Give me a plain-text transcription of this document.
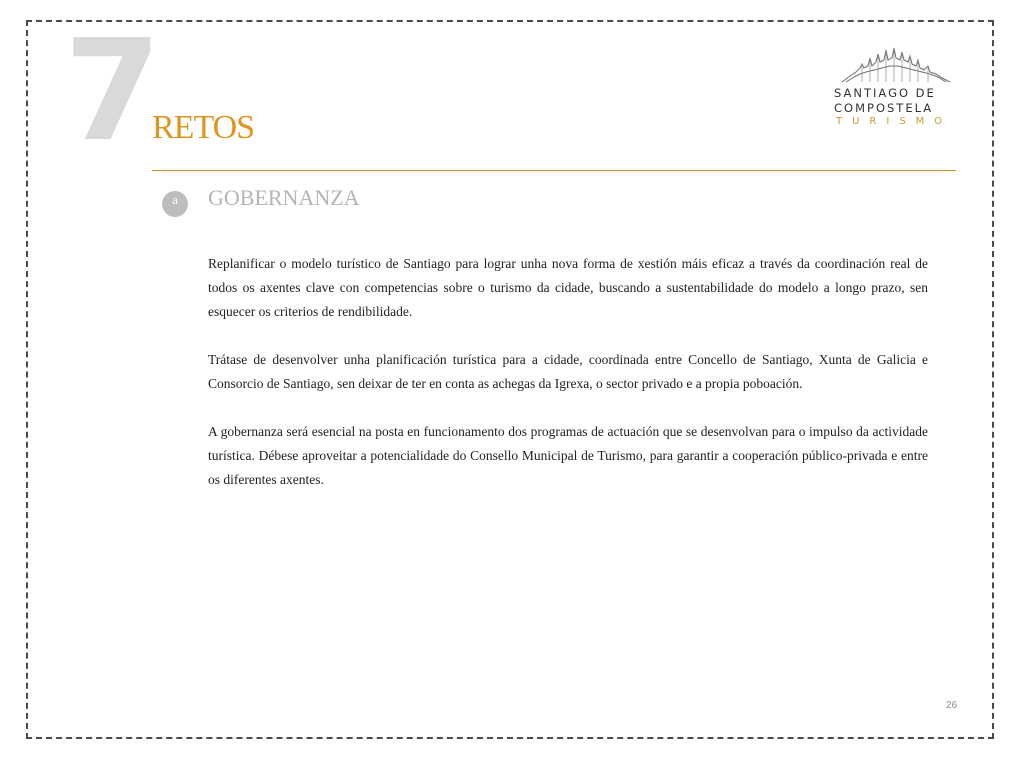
7
RETOS
SANTIAGO DE
COMPOSTELA
TURISMO
a	GOBERNANZA

Replanificar o modelo turístico de Santiago para lograr unha nova forma de xestión máis eficaz a través da coordinación real de todos os axentes clave con competencias sobre o turismo da cidade, buscando a sustentabilidade do modelo a longo prazo, sen esquecer os criterios de rendibilidade.

Trátase de desenvolver unha planificación turística para a cidade, coordinada entre Concello de Santiago, Xunta de Galicia e Consorcio de Santiago, sen deixar de ter en conta as achegas da Igrexa, o sector privado e a propia poboación.

A gobernanza será esencial na posta en funcionamento dos programas de actuación que se desenvolvan para o impulso da actividade turística. Débese aproveitar a potencialidade do Consello Municipal de Turismo, para garantir a cooperación público-privada e entre os diferentes axentes.

26
